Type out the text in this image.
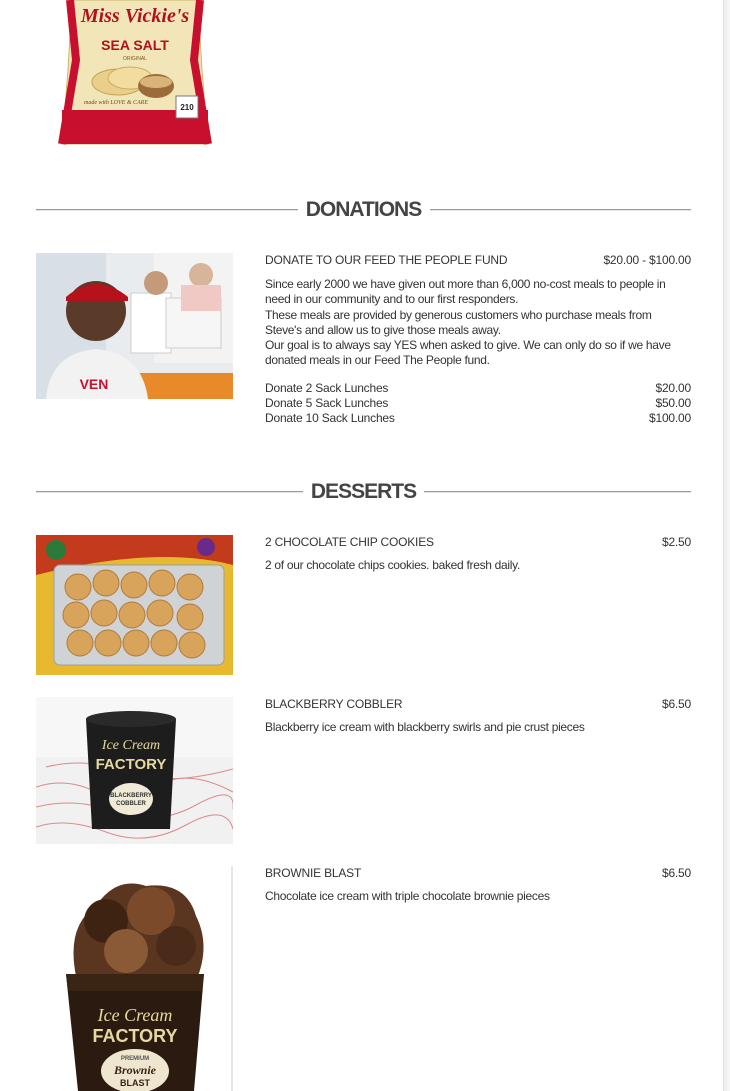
Miss Vickie's
SEA SALT
ORIGINAL
made with LOVE & CARE	210
DONATIONS
VEN
DONATE TO OUR FEED THE PEOPLE FUND	$20.00 - $100.00
Since early 2000 we have given out more than 6,000 no-cost meals to people in need in our community and to our first responders.
These meals are provided by generous customers who purchase meals from Steve's and allow us to give those meals away.
Our goal is to always say YES when asked to give. We can only do so if we have donated meals in our Feed The People fund.
Donate 2 Sack Lunches	$20.00
Donate 5 Sack Lunches	$50.00
Donate 10 Sack Lunches	$100.00
DESSERTS
2 CHOCOLATE CHIP COOKIES	$2.50
2 of our chocolate chips cookies. baked fresh daily.
Ice Cream
FACTORY
BLACKBERRY
COBBLER
BLACKBERRY COBBLER	$6.50
Blackberry ice cream with blackberry swirls and pie crust pieces
Ice Cream
FACTORY
PREMIUM
Brownie
BLAST
BROWNIE BLAST	$6.50
Chocolate ice cream with triple chocolate brownie pieces
